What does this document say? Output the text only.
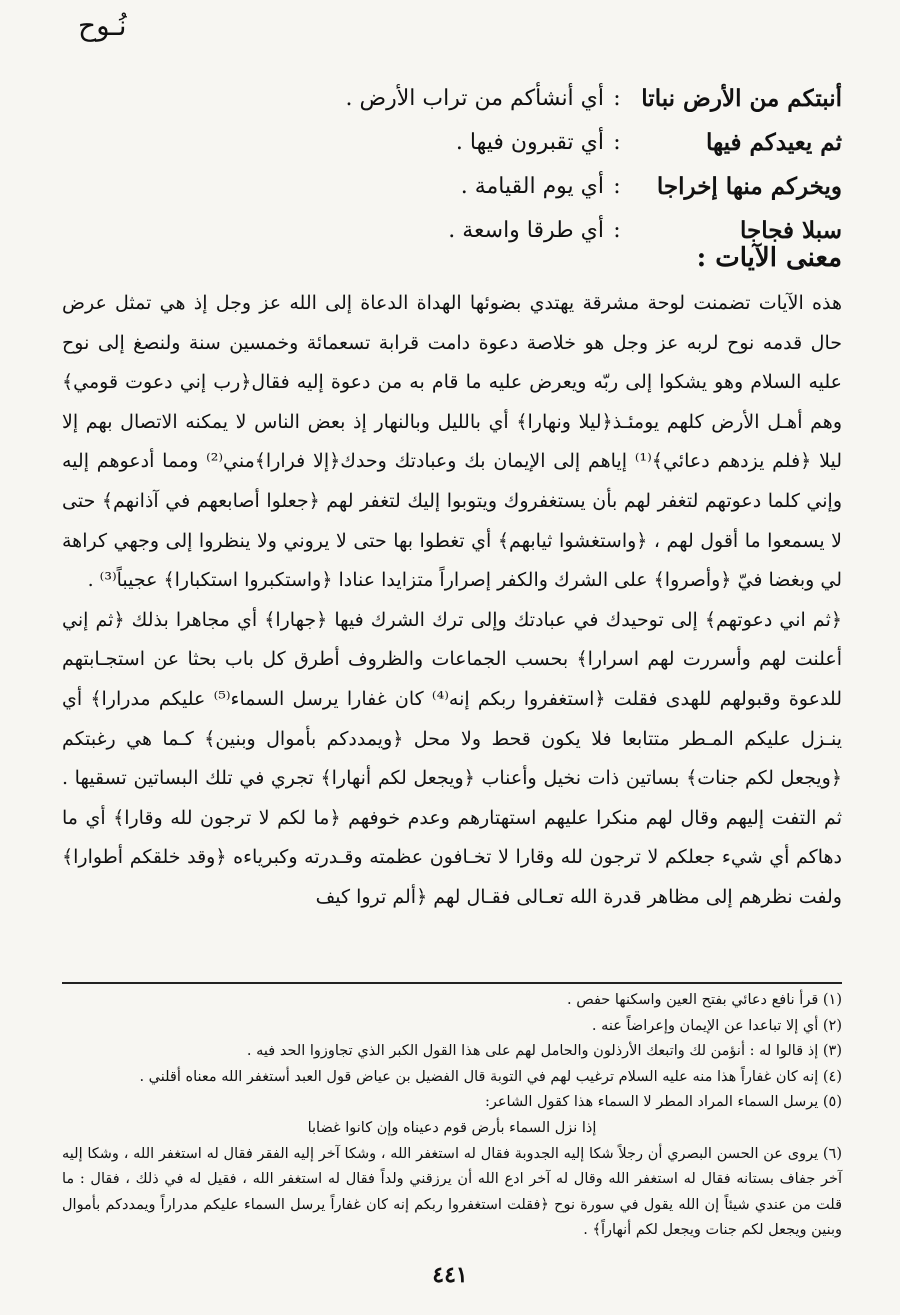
نُـوح
أنبتكم من الأرض نباتا
:
أي أنشأكم من تراب الأرض .
ثم يعيدكم فيها
:
أي تقبرون فيها .
ويخركم منها إخراجا
:
أي يوم القيامة .
سبلا فجاجا
:
أي طرقا واسعة .
معنى الآيات :

هذه الآيات تضمنت لوحة مشرقة يهتدي بضوئها الهداة الدعاة إلى الله عز وجل إذ هي تمثل عرض حال قدمه نوح لربه عز وجل هو خلاصة دعوة دامت قرابة تسعمائة وخمسين سنة ولنصغ إلى نوح عليه السلام وهو يشكوا إلى ربّه ويعرض عليه ما قام به من دعوة إليه فقال﴿رب إني دعوت قومي﴾ وهم أهـل الأرض كلهم يومئـذ﴿ليلا ونهارا﴾ أي بالليل وبالنهار إذ بعض الناس لا يمكنه الاتصال بهم إلا ليلا ﴿فلم يزدهم دعائي﴾⁽¹⁾ إياهم إلى الإيمان بك وعبادتك وحدك﴿إلا فرارا﴾مني⁽²⁾ ومما أدعوهم إليه وإني كلما دعوتهم لتغفر لهم بأن يستغفروك ويتوبوا إليك لتغفر لهم ﴿جعلوا أصابعهم في آذانهم﴾ حتى لا يسمعوا ما أقول لهم ، ﴿واستغشوا ثيابهم﴾ أي تغطوا بها حتى لا يروني ولا ينظروا إلى وجهي كراهة لي وبغضا فيّ ﴿وأصروا﴾ على الشرك والكفر إصراراً متزايدا عنادا ﴿واستكبروا استكبارا﴾ عجيباً⁽³⁾ .

﴿ثم اني دعوتهم﴾ إلى توحيدك في عبادتك وإلى ترك الشرك فيها ﴿جهارا﴾ أي مجاهرا بذلك ﴿ثم إني أعلنت لهم وأسررت لهم اسرارا﴾ بحسب الجماعات والظروف أطرق كل باب بحثا عن استجـابتهم للدعوة وقبولهم للهدى فقلت ﴿استغفروا ربكم إنه⁽⁴⁾ كان غفارا يرسل السماء⁽⁵⁾ عليكم مدرارا﴾ أي ينـزل عليكم المـطر متتابعا فلا يكون قحط ولا محل ﴿ويمددكم بأموال وبنين﴾ كـما هي رغبتكم ﴿ويجعل لكم جنات﴾ بساتين ذات نخيل وأعناب ﴿ويجعل لكم أنهارا﴾ تجري في تلك البساتين تسقيها . ثم التفت إليهم وقال لهم منكرا عليهم استهتارهم وعدم خوفهم ﴿ما لكم لا ترجون لله وقارا﴾ أي ما دهاكم أي شيء جعلكم لا ترجون لله وقارا لا تخـافون عظمته وقـدرته وكبرياءه ﴿وقد خلقكم أطوارا﴾ ولفت نظرهم إلى مظاهر قدرة الله تعـالى فقـال لهم ﴿ألم تروا كيف

(١) قرأ نافع دعائي بفتح العين واسكنها حفص .

(٢) أي إلا تباعدا عن الإيمان وإعراضاً عنه .

(٣) إذ قالوا له : أنؤمن لك واتبعك الأرذلون والحامل لهم على هذا القول الكبر الذي تجاوزوا الحد فيه .

(٤) إنه كان غفاراً هذا منه عليه السلام ترغيب لهم في التوبة قال الفضيل بن عياض قول العبد أستغفر الله معناه أقلني .

(٥) يرسل السماء المراد المطر لا السماء هذا كقول الشاعر:

إذا نزل السماء بأرض قوم دعيناه وإن كانوا غضابا

(٦) يروى عن الحسن البصري أن رجلاً شكا إليه الجدوبة فقال له استغفر الله ، وشكا آخر إليه الفقر فقال له استغفر الله ، وشكا إليه آخر جفاف بستانه فقال له استغفر الله وقال له آخر ادع الله أن يرزقني ولداً فقال له استغفر الله ، فقيل له في ذلك ، فقال : ما قلت من عندي شيئاً إن الله يقول في سورة نوح ﴿فقلت استغفروا ربكم إنه كان غفاراً يرسل السماء عليكم مدراراً ويمددكم بأموال وبنين ويجعل لكم جنات ويجعل لكم أنهاراً﴾ .

٤٤١
